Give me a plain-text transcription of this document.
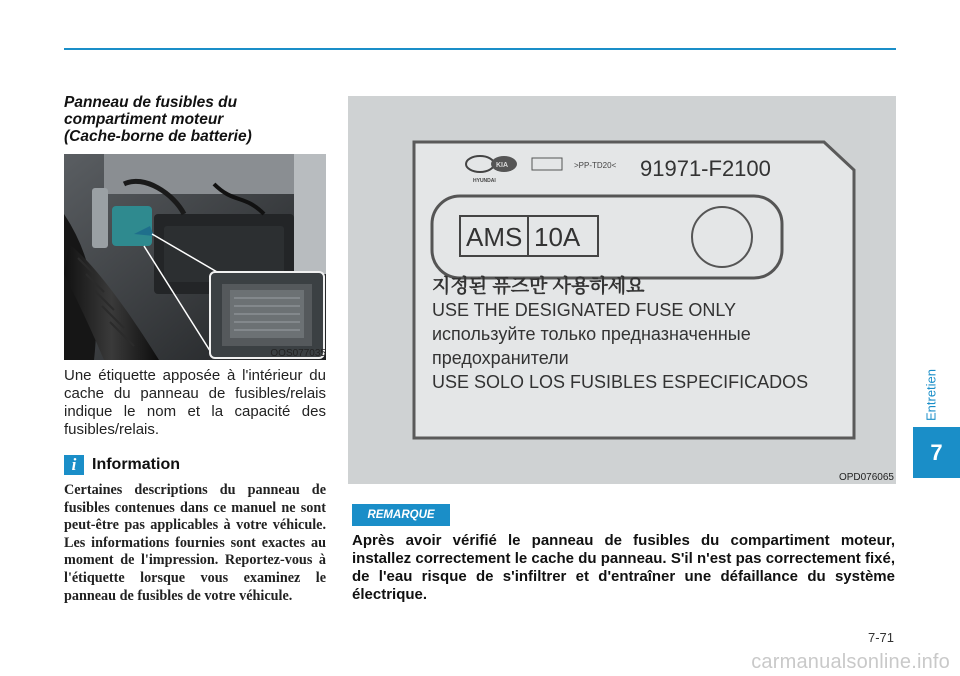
Panneau de fusibles du
compartiment moteur
(Cache-borne de batterie)
OOS077035

Une étiquette apposée à l'intérieur du cache du panneau de fusibles/relais indique le nom et la capacité des fusibles/relais.

i Information

Certaines descriptions du panneau de fusibles contenues dans ce manuel ne sont peut-être pas applicables à votre véhicule. Les informations fournies sont exactes au moment de l'impression. Reportez-vous à l'étiquette lorsque vous examinez le panneau de fusibles de votre véhicule.

HYUNDAI
KIA	>PP-TD20< 91971-F2100
AMS 10A
지정된 퓨즈만 사용하세요
USE THE DESIGNATED FUSE ONLY
используйте только предназначенные
предохранители
USE SOLO LOS FUSIBLES ESPECIFICADOS
OPD076065
REMARQUE

Après avoir vérifié le panneau de fusibles du compartiment moteur, installez correctement le cache du panneau. S'il n'est pas correctement fixé, de l'eau risque de s'infiltrer et d'entraîner une défaillance du système électrique.

Entretien
7
7-71
carmanualsonline.info
